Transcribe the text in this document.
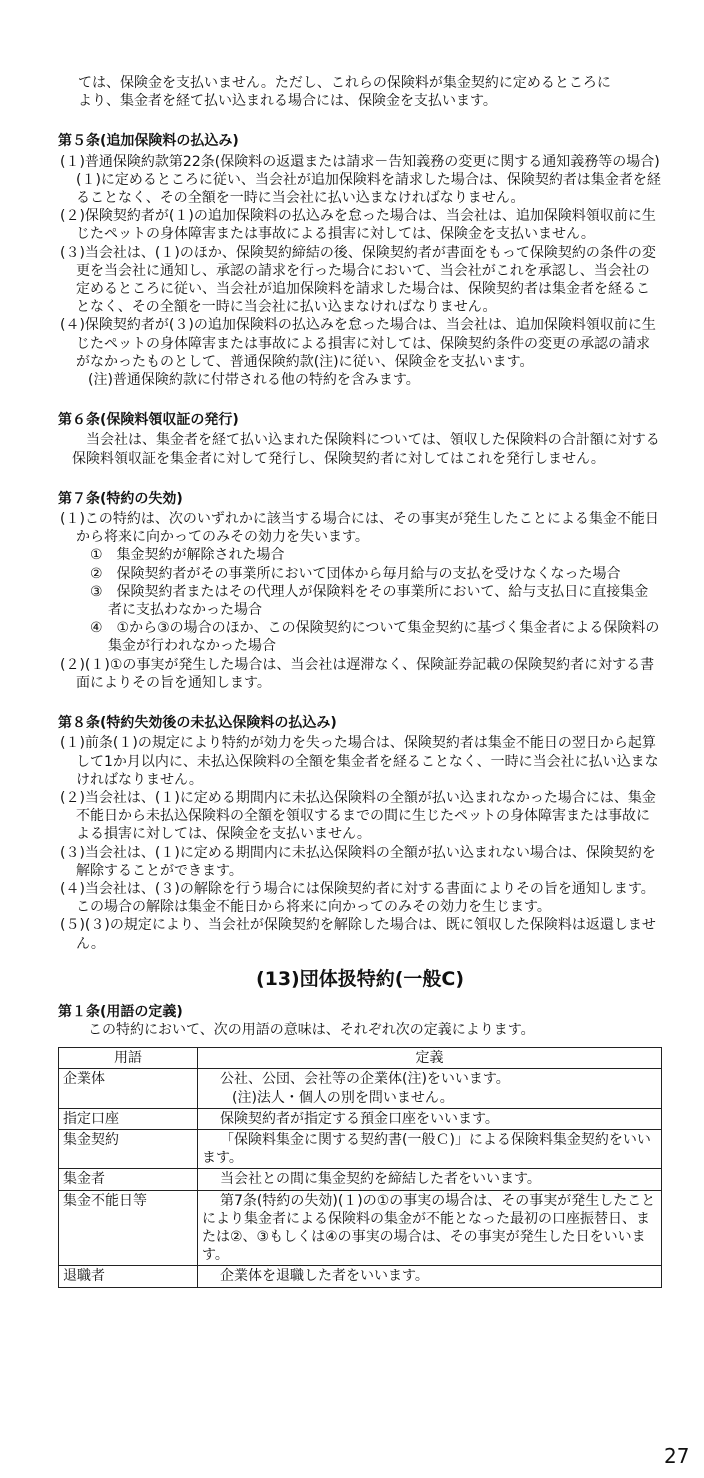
ては、保険金を支払いません。ただし、これらの保険料が集金契約に定めるところに

より、集金者を経て払い込まれる場合には、保険金を支払います。

第５条(追加保険料の払込み)

(１)普通保険約款第22条(保険料の返還または請求－告知義務の変更に関する通知義務等の場合)(１)に定めるところに従い、当会社が追加保険料を請求した場合は、保険契約者は集金者を経ることなく、その全額を一時に当会社に払い込まなければなりません。

(２)保険契約者が(１)の追加保険料の払込みを怠った場合は、当会社は、追加保険料領収前に生じたペットの身体障害または事故による損害に対しては、保険金を支払いません。

(３)当会社は、(１)のほか、保険契約締結の後、保険契約者が書面をもって保険契約の条件の変更を当会社に通知し、承認の請求を行った場合において、当会社がこれを承認し、当会社の定めるところに従い、当会社が追加保険料を請求した場合は、保険契約者は集金者を経ることなく、その全額を一時に当会社に払い込まなければなりません。

(４)保険契約者が(３)の追加保険料の払込みを怠った場合は、当会社は、追加保険料領収前に生じたペットの身体障害または事故による損害に対しては、保険契約条件の変更の承認の請求がなかったものとして、普通保険約款(注)に従い、保険金を支払います。

(注)普通保険約款に付帯される他の特約を含みます。

第６条(保険料領収証の発行)

当会社は、集金者を経て払い込まれた保険料については、領収した保険料の合計額に対する保険料領収証を集金者に対して発行し、保険契約者に対してはこれを発行しません。

第７条(特約の失効)

(１)この特約は、次のいずれかに該当する場合には、その事実が発生したことによる集金不能日から将来に向かってのみその効力を失います。

①　集金契約が解除された場合

②　保険契約者がその事業所において団体から毎月給与の支払を受けなくなった場合

③　保険契約者またはその代理人が保険料をその事業所において、給与支払日に直接集金者に支払わなかった場合

④　①から③の場合のほか、この保険契約について集金契約に基づく集金者による保険料の集金が行われなかった場合

(２)(１)①の事実が発生した場合は、当会社は遅滞なく、保険証券記載の保険契約者に対する書面によりその旨を通知します。

第８条(特約失効後の未払込保険料の払込み)

(１)前条(１)の規定により特約が効力を失った場合は、保険契約者は集金不能日の翌日から起算して1か月以内に、未払込保険料の全額を集金者を経ることなく、一時に当会社に払い込まなければなりません。

(２)当会社は、(１)に定める期間内に未払込保険料の全額が払い込まれなかった場合には、集金不能日から未払込保険料の全額を領収するまでの間に生じたペットの身体障害または事故による損害に対しては、保険金を支払いません。

(３)当会社は、(１)に定める期間内に未払込保険料の全額が払い込まれない場合は、保険契約を解除することができます。

(４)当会社は、(３)の解除を行う場合には保険契約者に対する書面によりその旨を通知します。この場合の解除は集金不能日から将来に向かってのみその効力を生じます。

(５)(３)の規定により、当会社が保険契約を解除した場合は、既に領収した保険料は返還しません。

(13)団体扱特約(一般C)

第１条(用語の定義)

この特約において、次の用語の意味は、それぞれ次の定義によります。

用語	定義
企業体	公社、公団、会社等の企業体(注)をいいます。
(注)法人・個人の別を問いません。

指定口座	保険契約者が指定する預金口座をいいます。

集金契約	「保険料集金に関する契約書(一般Ｃ)」による保険料集金契約をいいます。

集金者	当会社との間に集金契約を締結した者をいいます。

集金不能日等	第7条(特約の失効)(１)の①の事実の場合は、その事実が発生したことにより集金者による保険料の集金が不能となった最初の口座振替日、または②、③もしくは④の事実の場合は、その事実が発生した日をいいます。

退職者	企業体を退職した者をいいます。
27
